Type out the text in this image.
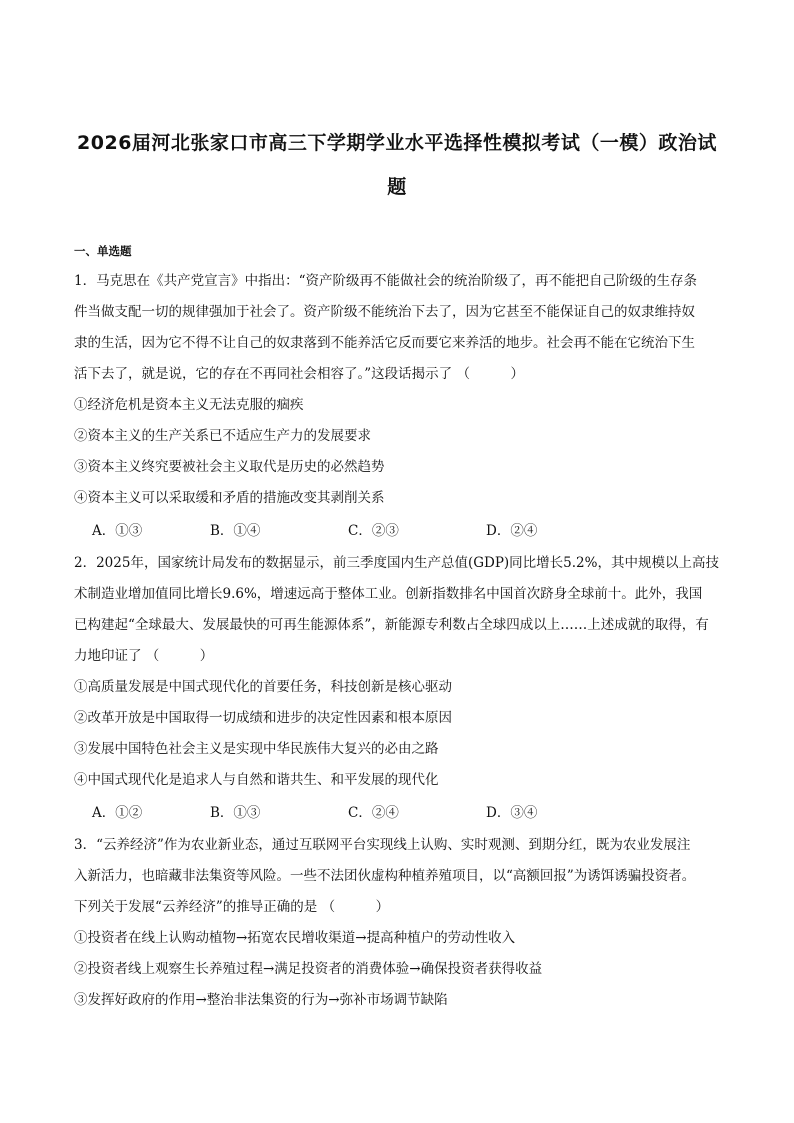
2026届河北张家口市高三下学期学业水平选择性模拟考试（一模）政治试
题
一、单选题
1．马克思在《共产党宣言》中指出：“资产阶级再不能做社会的统治阶级了，再不能把自己阶级的生存条
件当做支配一切的规律强加于社会了。资产阶级不能统治下去了，因为它甚至不能保证自己的奴隶维持奴
隶的生活，因为它不得不让自己的奴隶落到不能养活它反而要它来养活的地步。社会再不能在它统治下生
活下去了，就是说，它的存在不再同社会相容了。”这段话揭示了 （　　　）
①经济危机是资本主义无法克服的痼疾
②资本主义的生产关系已不适应生产力的发展要求
③资本主义终究要被社会主义取代是历史的必然趋势
④资本主义可以采取缓和矛盾的措施改变其剥削关系
A．①③	B．①④	C．②③	D．②④
2．2025年，国家统计局发布的数据显示，前三季度国内生产总值(GDP)同比增长5.2%，其中规模以上高技
术制造业增加值同比增长9.6%，增速远高于整体工业。创新指数排名中国首次跻身全球前十。此外，我国
已构建起“全球最大、发展最快的可再生能源体系”，新能源专利数占全球四成以上……上述成就的取得，有
力地印证了 （　　　）
①高质量发展是中国式现代化的首要任务，科技创新是核心驱动
②改革开放是中国取得一切成绩和进步的决定性因素和根本原因
③发展中国特色社会主义是实现中华民族伟大复兴的必由之路
④中国式现代化是追求人与自然和谐共生、和平发展的现代化
A．①②	B．①③	C．②④	D．③④
3．“云养经济”作为农业新业态，通过互联网平台实现线上认购、实时观测、到期分红，既为农业发展注
入新活力，也暗藏非法集资等风险。一些不法团伙虚构种植养殖项目，以“高额回报”为诱饵诱骗投资者。
下列关于发展“云养经济”的推导正确的是 （　　　）
①投资者在线上认购动植物→拓宽农民增收渠道→提高种植户的劳动性收入
②投资者线上观察生长养殖过程→满足投资者的消费体验→确保投资者获得收益
③发挥好政府的作用→整治非法集资的行为→弥补市场调节缺陷
